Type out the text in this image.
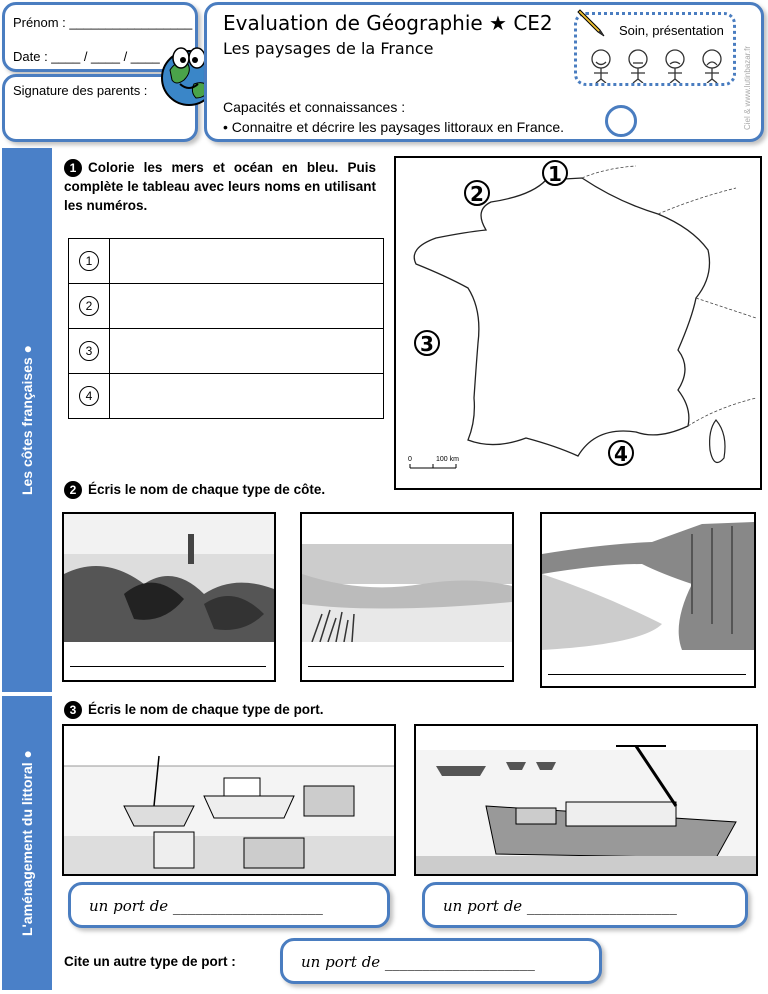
Prénom : _________________
Date : ____ / ____ / ____
Signature des parents :
Evaluation de Géographie ★ CE2
Les paysages de la France
Capacités et connaissances :
• Connaitre et décrire les paysages littoraux en France.	Ciel & www.lutinbazar.fr
Soin, présentation
Les côtes françaises ●
L'aménagement du littoral ●
1 Colorie les mers et océan en bleu. Puis complète le tableau avec leurs noms en utilisant les numéros.
1	
2	
3	
4	
0	100 km
1
2
3
4
2 Écris le nom de chaque type de côte.
3 Écris le nom de chaque type de port.
un port de ____________________	un port de ____________________
Cite un autre type de port :	un port de ____________________
